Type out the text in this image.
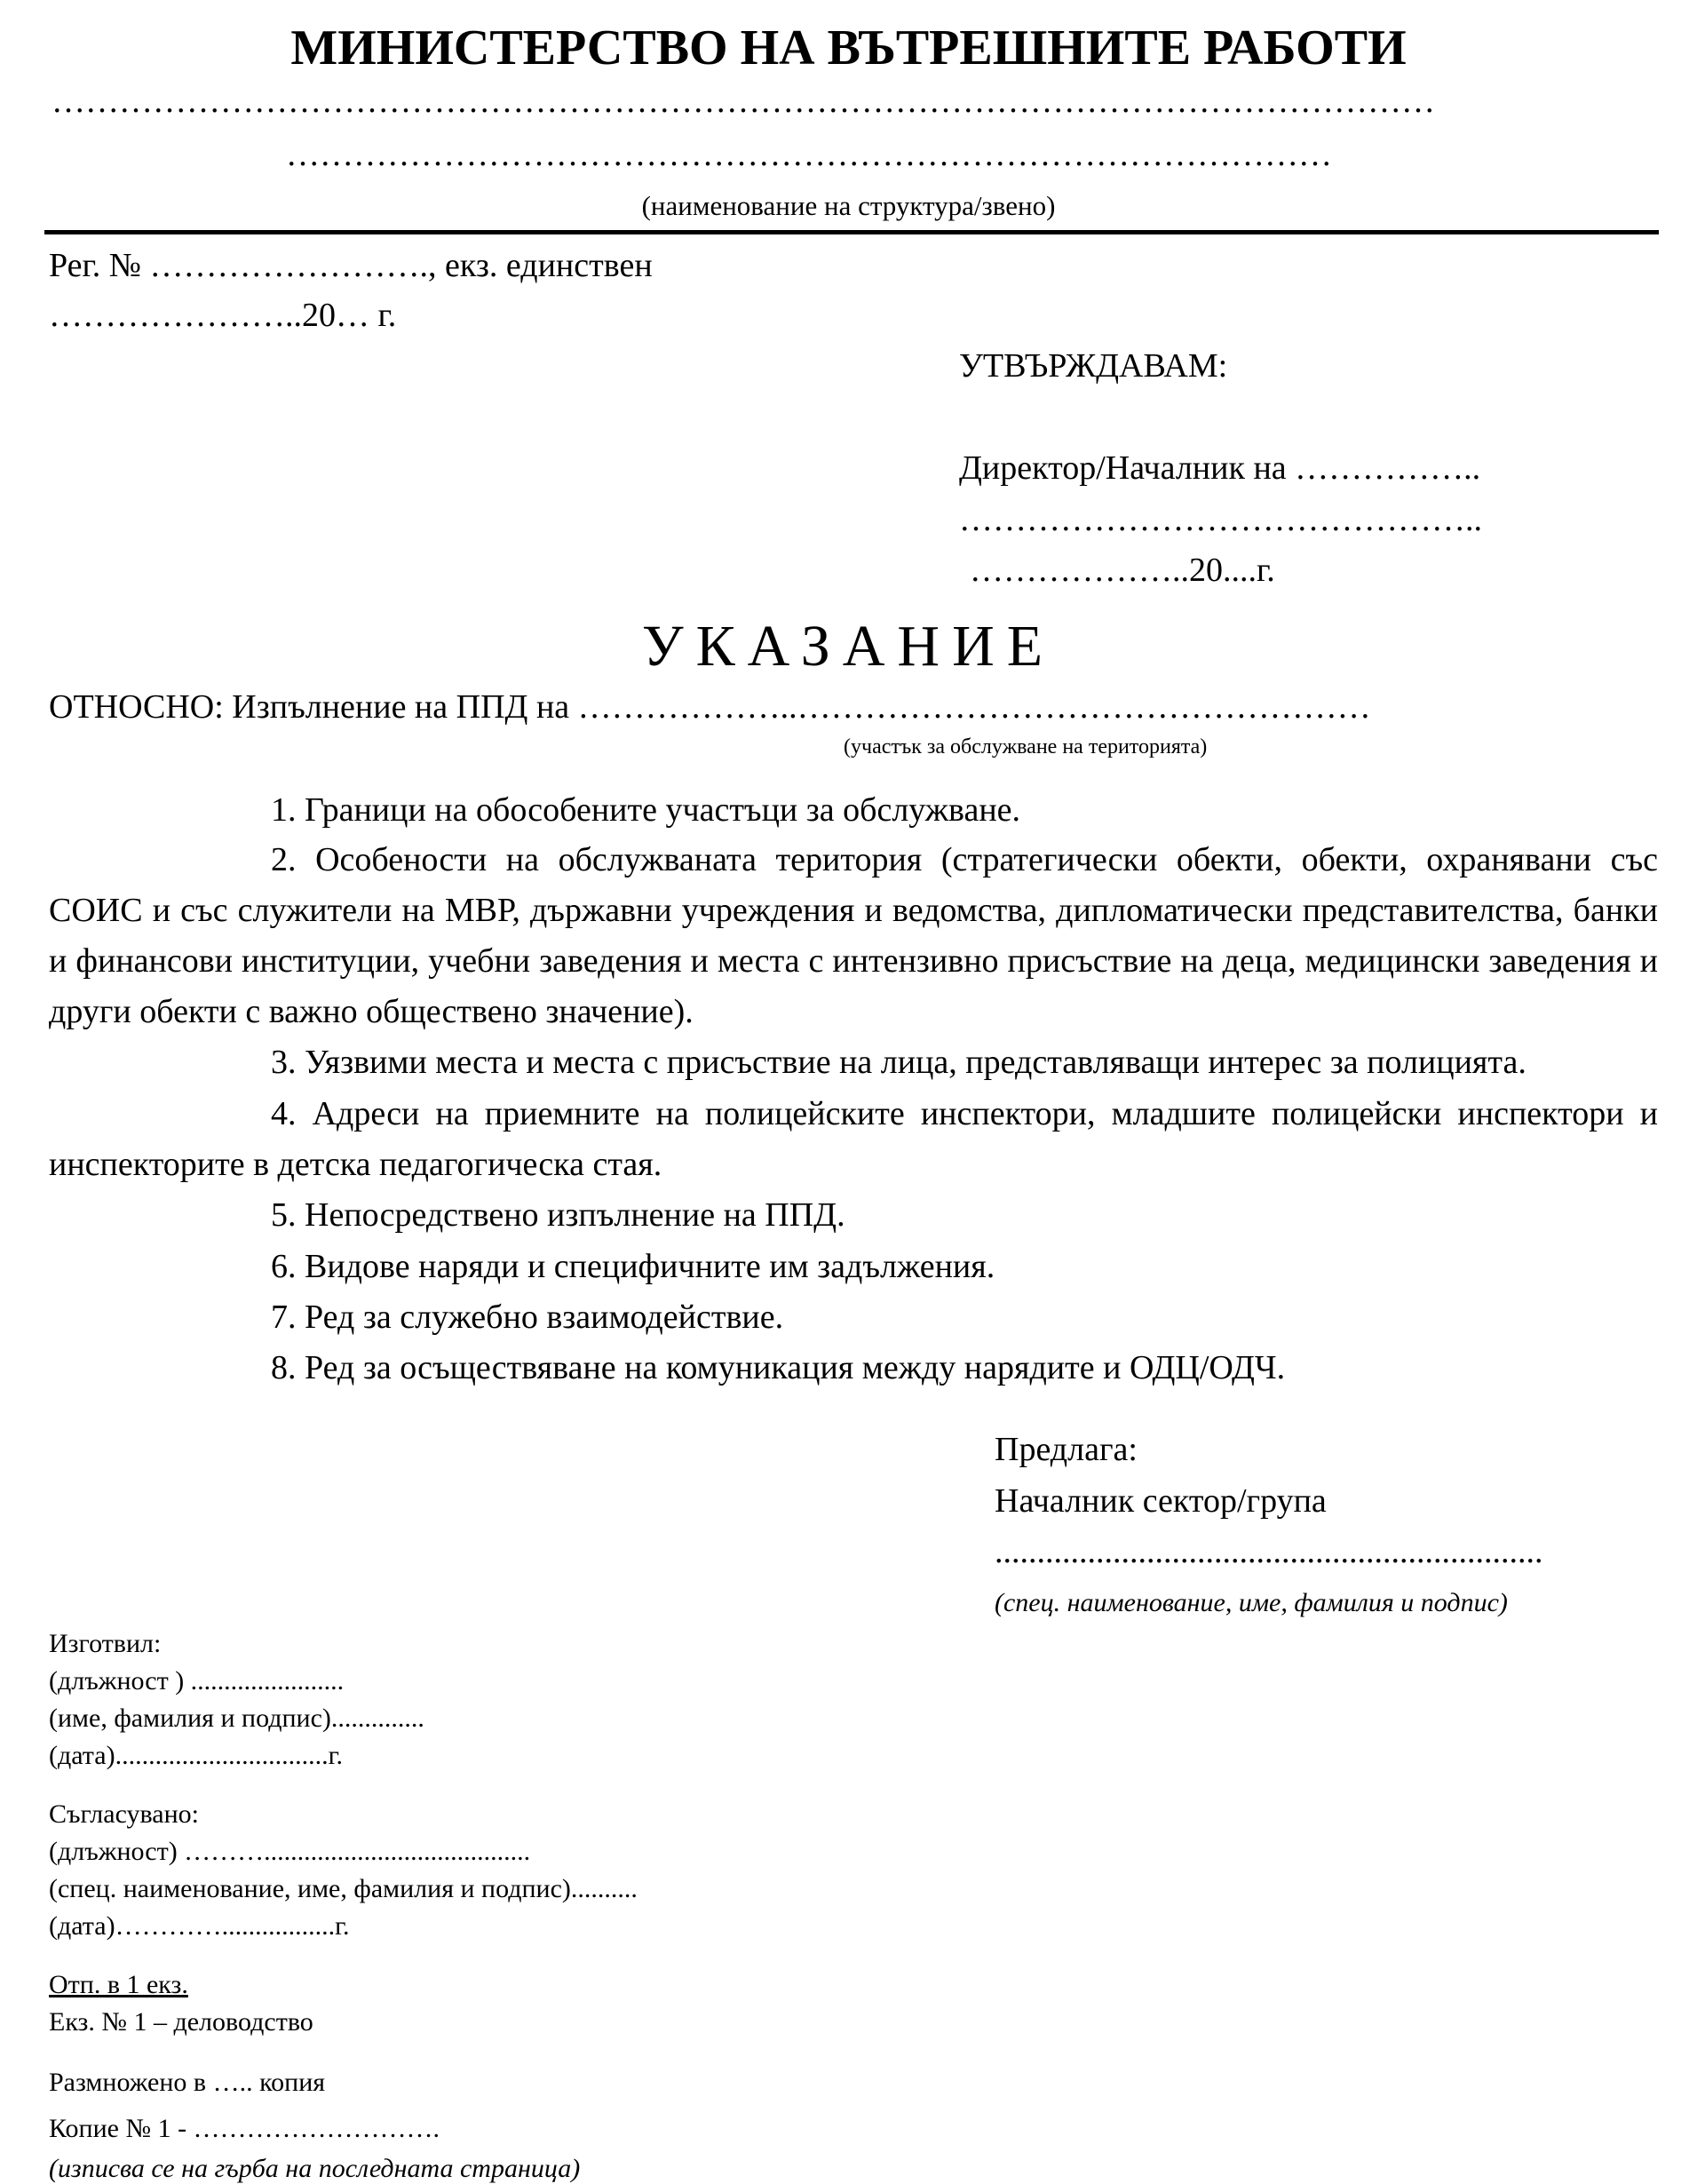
МИНИСТЕРСТВО НА ВЪТРЕШНИТЕ РАБОТИ
……………………………………………………………………………………………………………
…………………………………………………………………………………
(наименование на структура/звено)
Рег. № ……………………., екз. единствен
…………………..20… г.
УТВЪРЖДАВАМ:
Директор/Началник на ……………..
………………………………………..
………………..20....г.
УКАЗАНИЕ
ОТНОСНО: Изпълнение на ППД на ………………..……………………………………………
(участък за обслужване на територията)

1. Граници на обособените участъци за обслужване.

2. Особености на обслужваната територия (стратегически обекти, обекти, охранявани със СОИС и със служители на МВР, държавни учреждения и ведомства, дипломатически представителства, банки и финансови институции, учебни заведения и места с интензивно присъствие на деца, медицински заведения и други обекти с важно обществено значение).

3. Уязвими места и места с присъствие на лица, представляващи интерес за полицията.

4. Адреси на приемните на полицейските инспектори, младшите полицейски инспектори и инспекторите в детска педагогическа стая.

5. Непосредствено изпълнение на ППД.

6. Видове наряди и специфичните им задължения.

7. Ред за служебно взаимодействие.

8. Ред за осъществяване на комуникация между нарядите и ОДЦ/ОДЧ.

Предлага:
Началник сектор/група
.................................................................
(спец. наименование, име, фамилия и подпис)
Изготвил:
(длъжност ) .......................
(име, фамилия и подпис)..............
(дата)................................г.
Съгласувано:
(длъжност) ………........................................
(спец. наименование, име, фамилия и подпис)..........
(дата)………….................г.
Отп. в 1 екз.
Екз. № 1 – деловодство
Размножено в ….. копия
Копие № 1 - ……………………….
(изписва се на гърба на последната страница)
